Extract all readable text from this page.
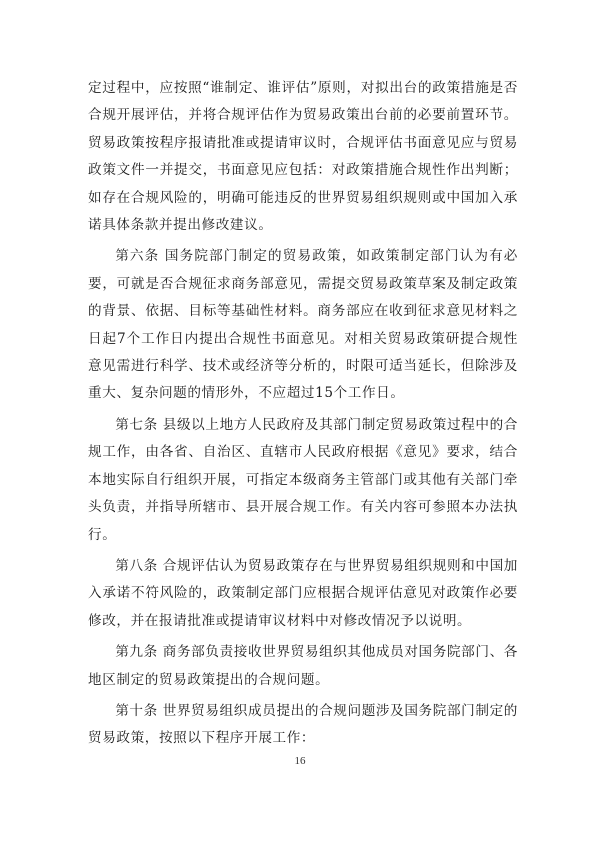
定过程中，应按照“谁制定、谁评估”原则，对拟出台的政策措施是否合规开展评估，并将合规评估作为贸易政策出台前的必要前置环节。贸易政策按程序报请批准或提请审议时，合规评估书面意见应与贸易政策文件一并提交，书面意见应包括：对政策措施合规性作出判断；如存在合规风险的，明确可能违反的世界贸易组织规则或中国加入承诺具体条款并提出修改建议。

第六条 国务院部门制定的贸易政策，如政策制定部门认为有必要，可就是否合规征求商务部意见，需提交贸易政策草案及制定政策的背景、依据、目标等基础性材料。商务部应在收到征求意见材料之日起7个工作日内提出合规性书面意见。对相关贸易政策研提合规性意见需进行科学、技术或经济等分析的，时限可适当延长，但除涉及重大、复杂问题的情形外，不应超过15个工作日。

第七条 县级以上地方人民政府及其部门制定贸易政策过程中的合规工作，由各省、自治区、直辖市人民政府根据《意见》要求，结合本地实际自行组织开展，可指定本级商务主管部门或其他有关部门牵头负责，并指导所辖市、县开展合规工作。有关内容可参照本办法执行。

第八条 合规评估认为贸易政策存在与世界贸易组织规则和中国加入承诺不符风险的，政策制定部门应根据合规评估意见对政策作必要修改，并在报请批准或提请审议材料中对修改情况予以说明。

第九条 商务部负责接收世界贸易组织其他成员对国务院部门、各地区制定的贸易政策提出的合规问题。

第十条 世界贸易组织成员提出的合规问题涉及国务院部门制定的贸易政策，按照以下程序开展工作：

16
